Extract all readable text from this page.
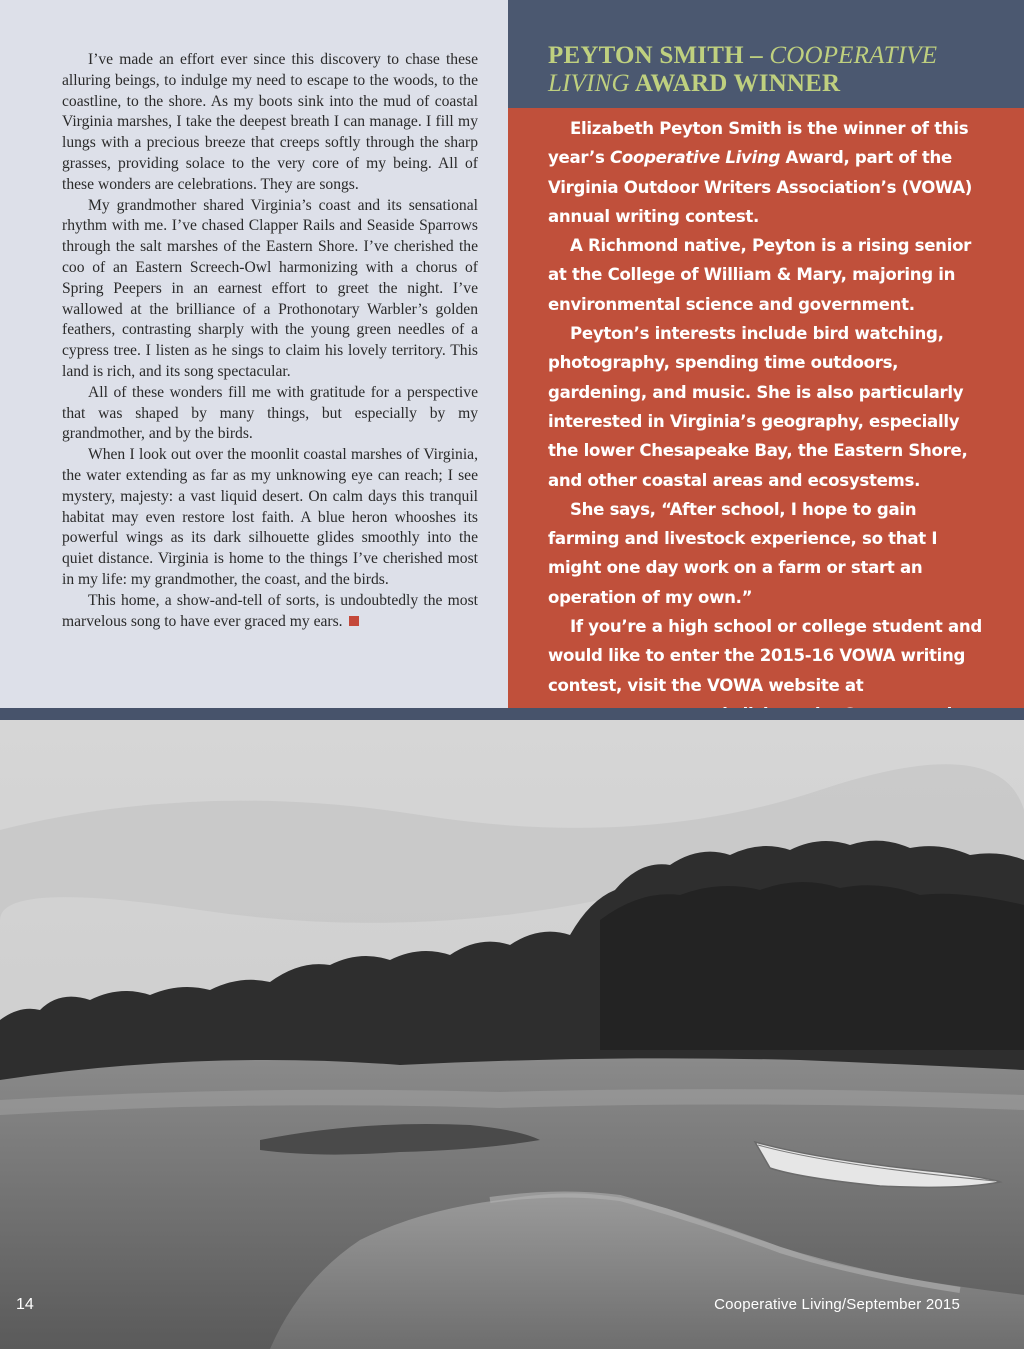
I’ve made an effort ever since this discovery to chase these alluring beings, to indulge my need to escape to the woods, to the coastline, to the shore. As my boots sink into the mud of coastal Virginia marshes, I take the deepest breath I can manage. I fill my lungs with a precious breeze that creeps softly through the sharp grasses, providing solace to the very core of my being. All of these wonders are celebrations. They are songs.

My grandmother shared Virginia’s coast and its sensational rhythm with me. I’ve chased Clapper Rails and Seaside Sparrows through the salt marshes of the Eastern Shore. I’ve cherished the coo of an Eastern Screech-Owl harmonizing with a chorus of Spring Peepers in an earnest effort to greet the night. I’ve wallowed at the brilliance of a Prothonotary Warbler’s golden feathers, contrasting sharply with the young green needles of a cypress tree. I listen as he sings to claim his lovely territory. This land is rich, and its song spectacular.

All of these wonders fill me with gratitude for a perspective that was shaped by many things, but especially by my grandmother, and by the birds.

When I look out over the moonlit coastal marshes of Virginia, the water extending as far as my unknowing eye can reach; I see mystery, majesty: a vast liquid desert. On calm days this tranquil habitat may even restore lost faith. A blue heron whooshes its powerful wings as its dark silhouette glides smoothly into the quiet distance. Virginia is home to the things I’ve cherished most in my life: my grandmother, the coast, and the birds.

This home, a show-and-tell of sorts, is undoubtedly the most marvelous song to have ever graced my ears.

PEYTON SMITH – COOPERATIVE LIVING AWARD WINNER

Elizabeth Peyton Smith is the winner of this year’s Cooperative Living Award, part of the Virginia Outdoor Writers Association’s (VOWA) annual writing contest.

A Richmond native, Peyton is a rising senior at the College of William & Mary, majoring in environmental science and government.

Peyton’s interests include bird watching, photography, spending time outdoors, gardening, and music. She is also particularly interested in Virginia’s geography, especially the lower Chesapeake Bay, the Eastern Shore, and other coastal areas and ecosystems.

She says, “After school, I hope to gain farming and livestock experience, so that I might one day work on a farm or start an operation of my own.”

If you’re a high school or college student and would like to enter the 2015-16 VOWA writing contest, visit the VOWA website at

14	Cooperative Living/September 2015
